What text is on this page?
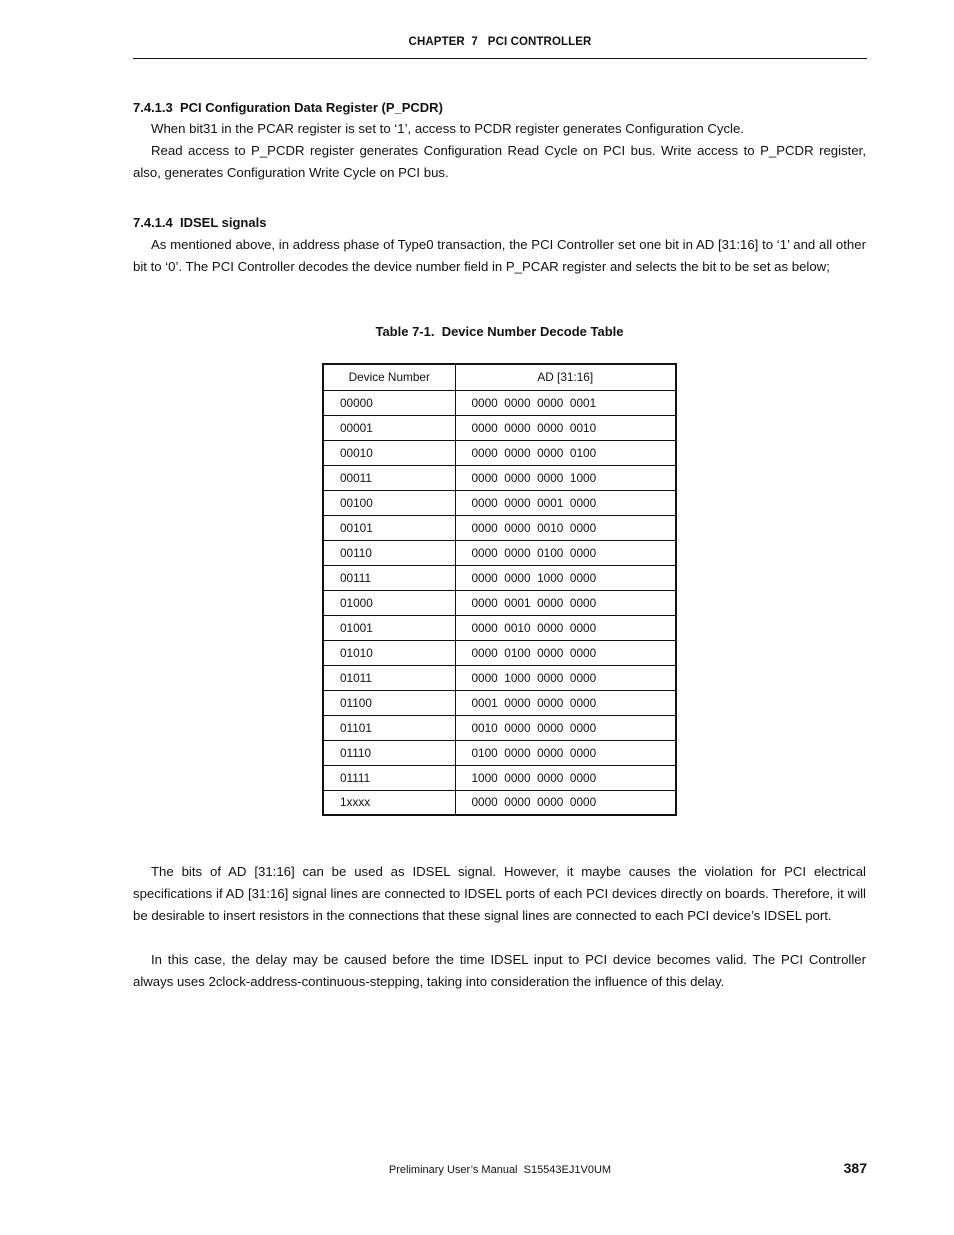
CHAPTER  7   PCI CONTROLLER
7.4.1.3  PCI Configuration Data Register (P_PCDR)

When bit31 in the PCAR register is set to ‘1’, access to PCDR register generates Configuration Cycle.

Read access to P_PCDR register generates Configuration Read Cycle on PCI bus. Write access to P_PCDR register, also, generates Configuration Write Cycle on PCI bus.

7.4.1.4  IDSEL signals

As mentioned above, in address phase of Type0 transaction, the PCI Controller set one bit in AD [31:16] to ‘1’ and all other bit to ‘0’. The PCI Controller decodes the device number field in P_PCAR register and selects the bit to be set as below;

Table 7-1.  Device Number Decode Table
Device Number	AD [31:16]
00000	0000  0000  0000  0001
00001	0000  0000  0000  0010
00010	0000  0000  0000  0100
00011	0000  0000  0000  1000
00100	0000  0000  0001  0000
00101	0000  0000  0010  0000
00110	0000  0000  0100  0000
00111	0000  0000  1000  0000
01000	0000  0001  0000  0000
01001	0000  0010  0000  0000
01010	0000  0100  0000  0000
01011	0000  1000  0000  0000
01100	0001  0000  0000  0000
01101	0010  0000  0000  0000
01110	0100  0000  0000  0000
01111	1000  0000  0000  0000
1xxxx	0000  0000  0000  0000

The bits of AD [31:16] can be used as IDSEL signal. However, it maybe causes the violation for PCI electrical specifications if AD [31:16] signal lines are connected to IDSEL ports of each PCI devices directly on boards. Therefore, it will be desirable to insert resistors in the connections that these signal lines are connected to each PCI device’s IDSEL port.

In this case, the delay may be caused before the time IDSEL input to PCI device becomes valid. The PCI Controller always uses 2clock-address-continuous-stepping, taking into consideration the influence of this delay.

Preliminary User’s Manual  S15543EJ1V0UM	387
